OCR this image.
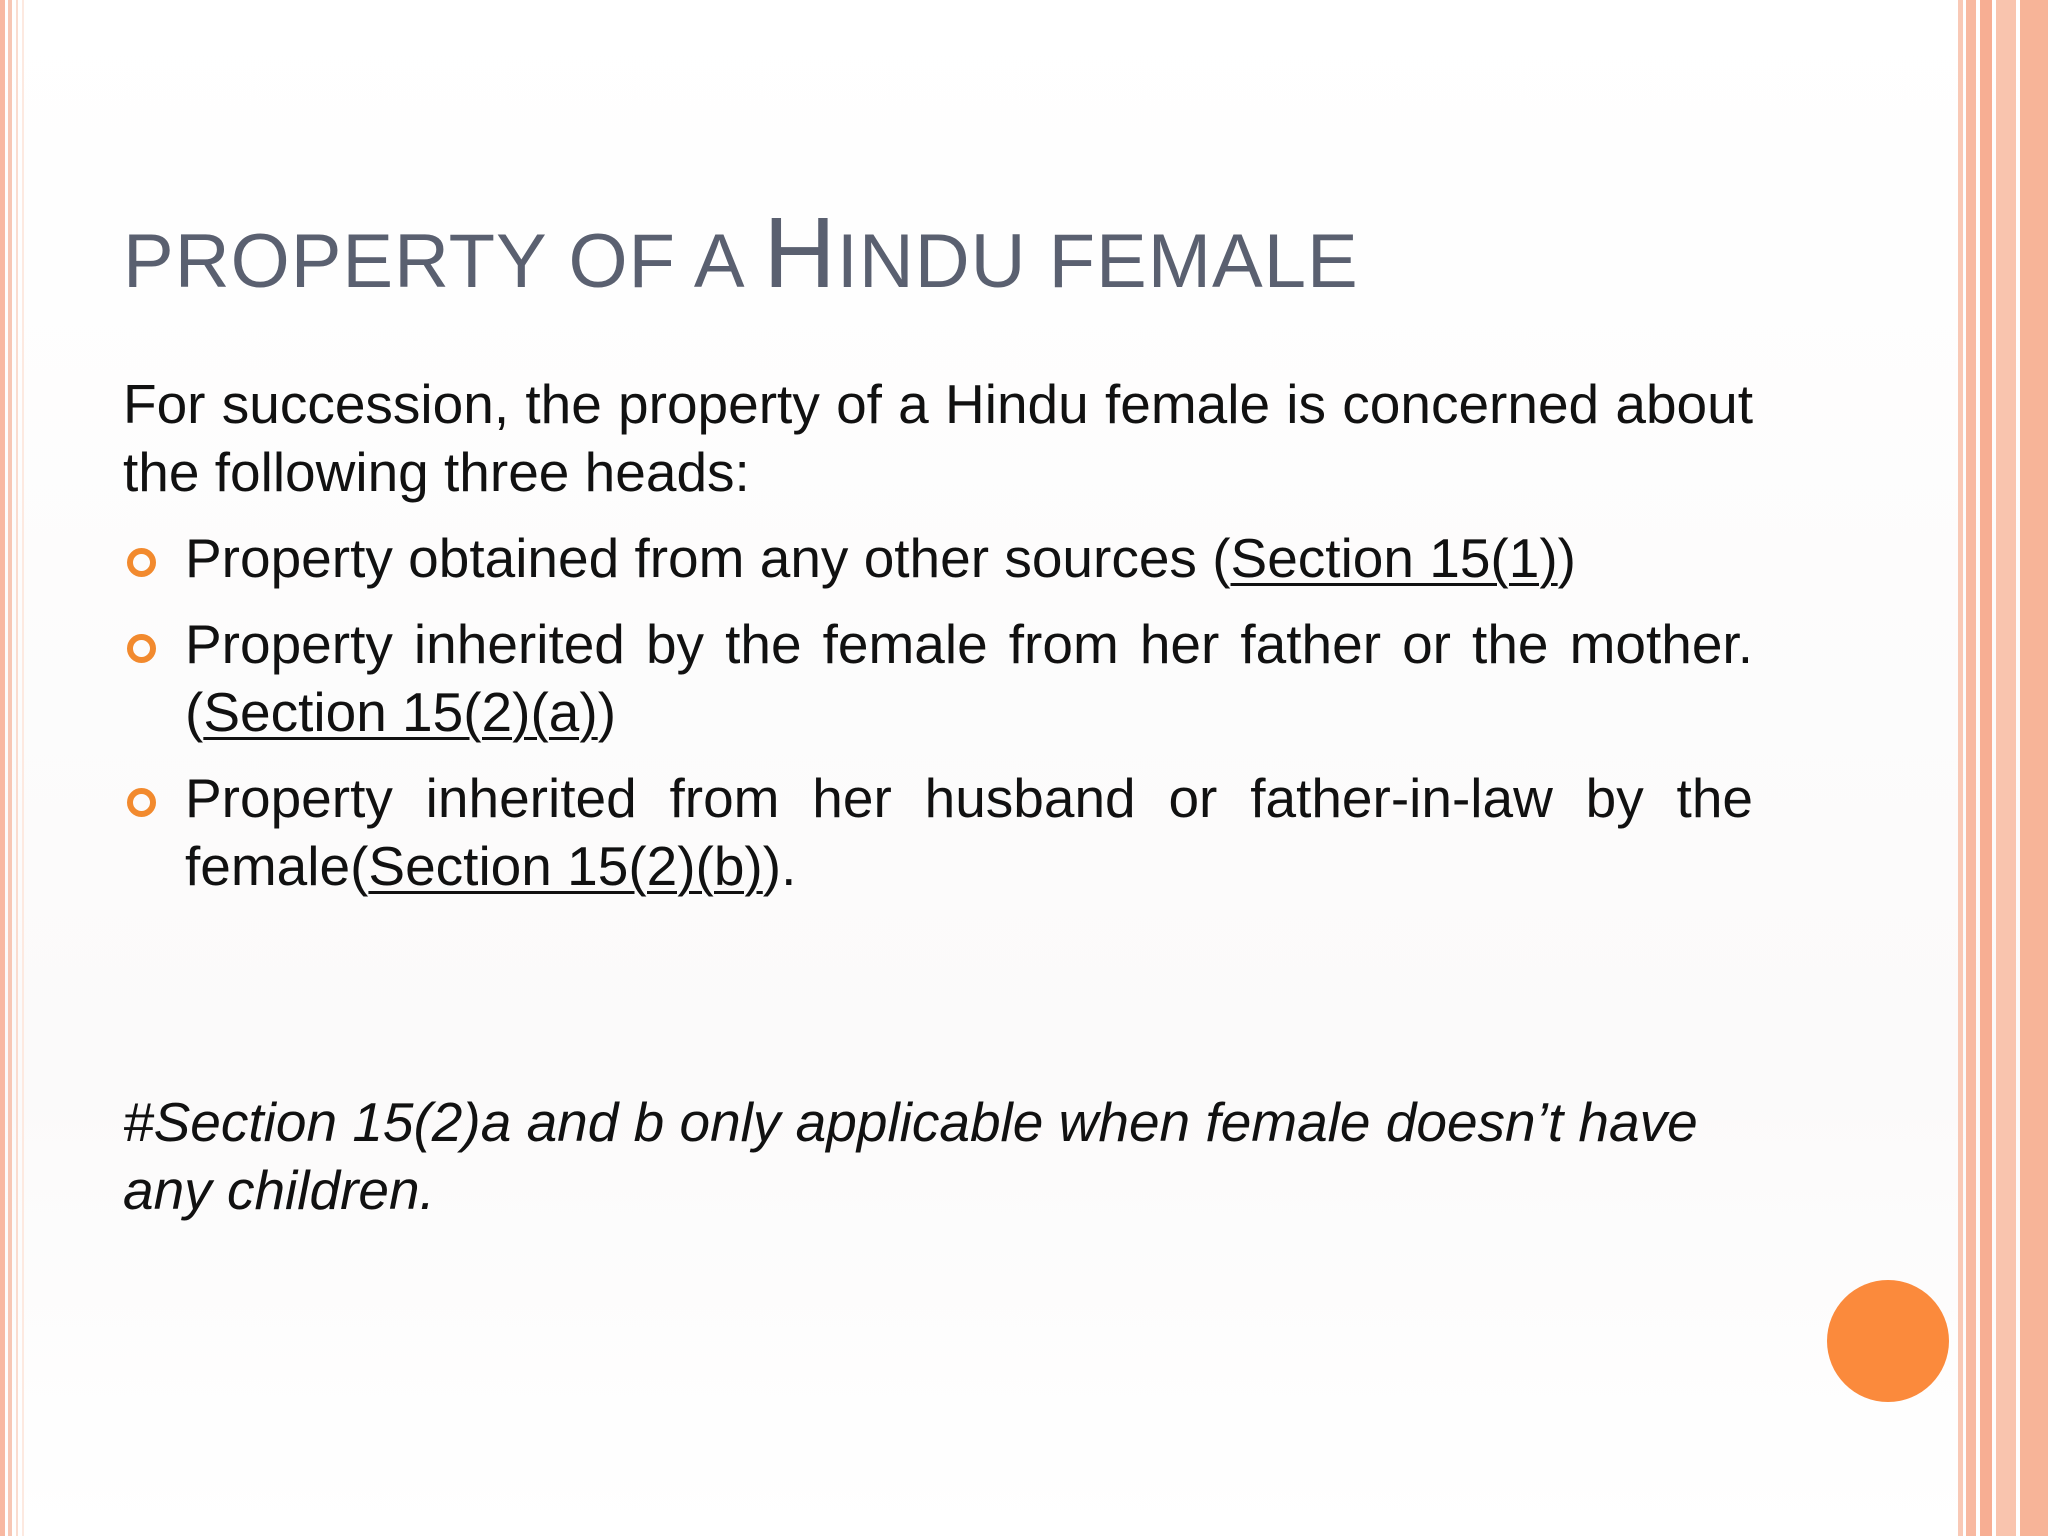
PROPERTY OF A HINDU FEMALE

For succession, the property of a Hindu female is concerned about the following three heads:

Property obtained from any other sources (Section 15(1))
Property inherited by the female from her father or the mother. (Section 15(2)(a))
Property inherited from her husband or father-in-law by the female(Section 15(2)(b)).

#Section 15(2)a and b only applicable when female doesn’t have any children.
